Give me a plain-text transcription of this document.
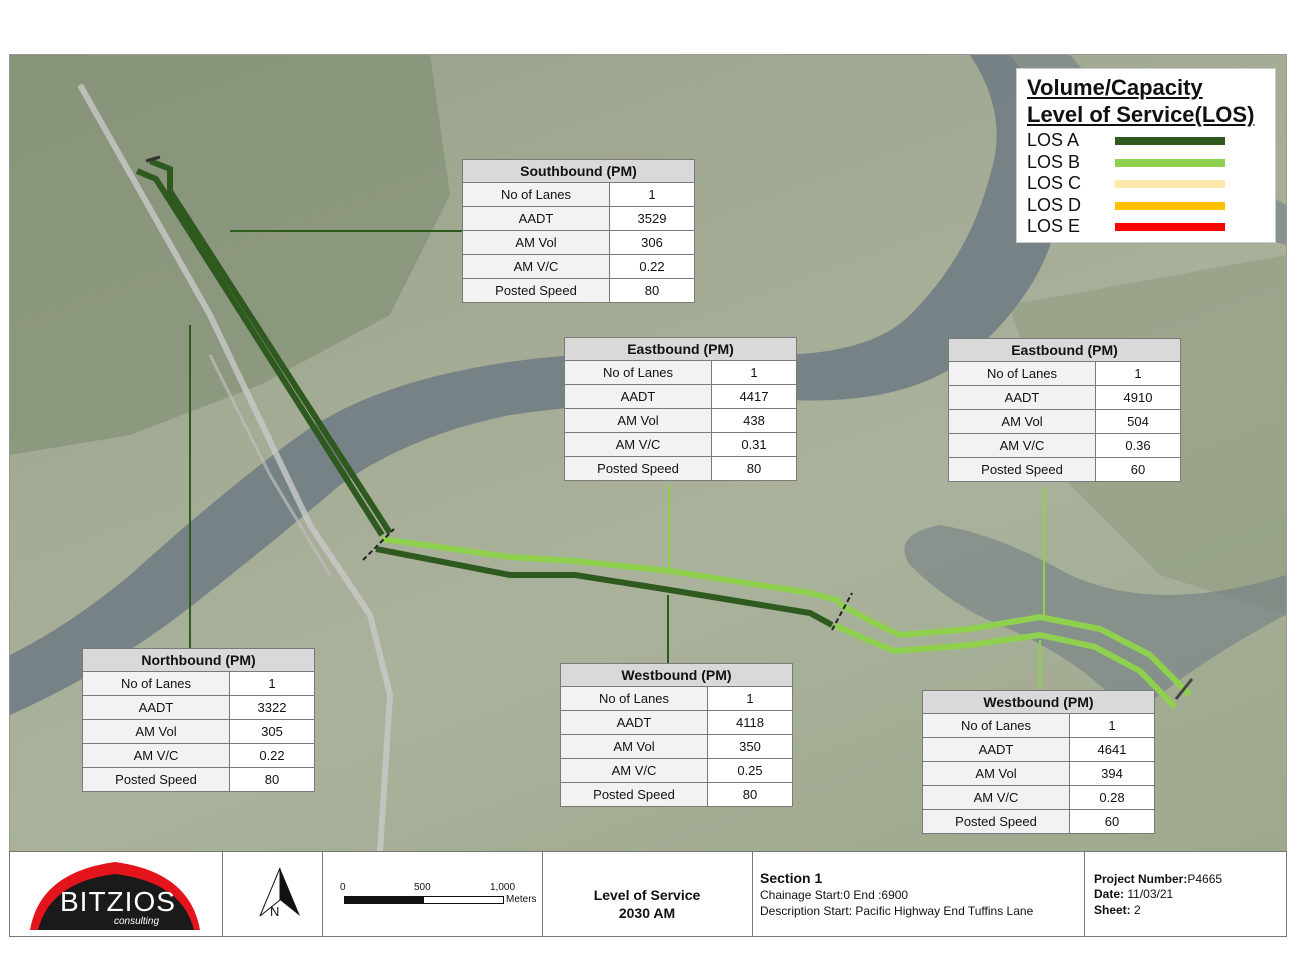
Volume/Capacity
Level of Service(LOS)
LOS A
LOS B
LOS C
LOS D
LOS E
Southbound (PM)	
No of Lanes	1
AADT	3529
AM Vol	306
AM V/C	0.22
Posted Speed	80
Eastbound (PM)	
No of Lanes	1
AADT	4417
AM Vol	438
AM V/C	0.31
Posted Speed	80
Eastbound (PM)	
No of Lanes	1
AADT	4910
AM Vol	504
AM V/C	0.36
Posted Speed	60
Northbound (PM)	
No of Lanes	1
AADT	3322
AM Vol	305
AM V/C	0.22
Posted Speed	80
Westbound (PM)	
No of Lanes	1
AADT	4118
AM Vol	350
AM V/C	0.25
Posted Speed	80
Westbound (PM)	
No of Lanes	1
AADT	4641
AM Vol	394
AM V/C	0.28
Posted Speed	60
BITZIOS
consulting
N
0	500	1,000
Meters	Level of Service
2030 AM
Section 1
Chainage Start:0 End :6900
Description Start: Pacific Highway End Tuffins Lane
Project Number:P4665
Date: 11/03/21
Sheet: 2
